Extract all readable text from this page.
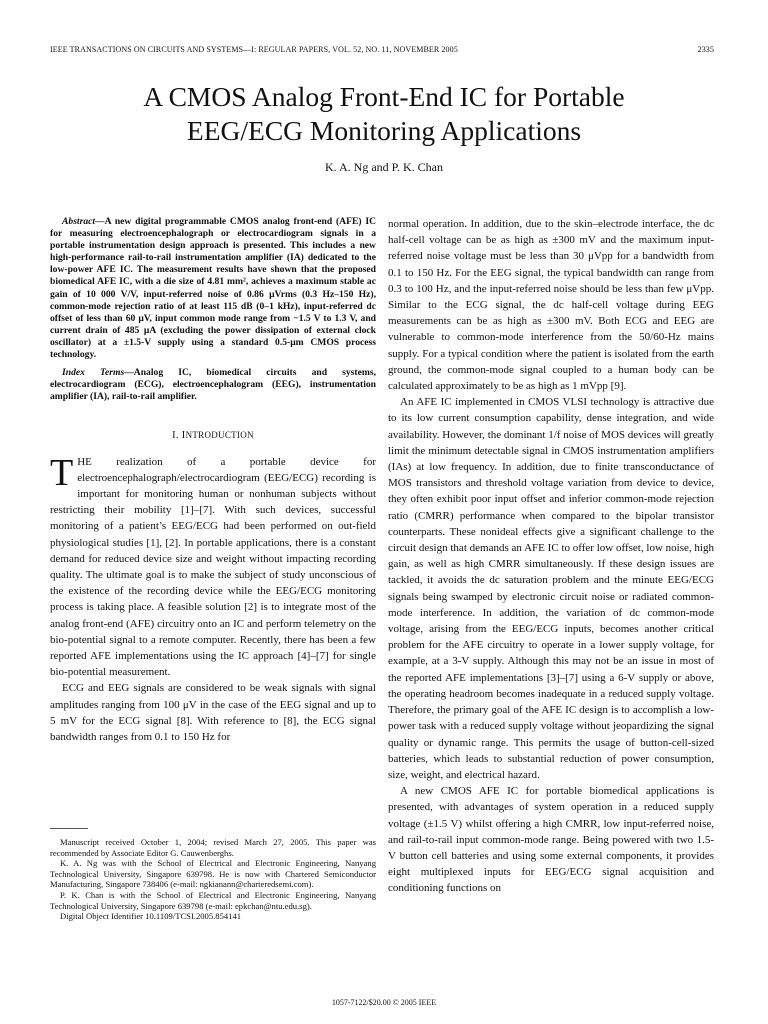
IEEE TRANSACTIONS ON CIRCUITS AND SYSTEMS—I: REGULAR PAPERS, VOL. 52, NO. 11, NOVEMBER 2005	2335
A CMOS Analog Front-End IC for Portable
EEG/ECG Monitoring Applications
K. A. Ng and P. K. Chan

Abstract—A new digital programmable CMOS analog front-end (AFE) IC for measuring electroencephalograph or electrocardiogram signals in a portable instrumentation design approach is presented. This includes a new high-performance rail-to-rail instrumentation amplifier (IA) dedicated to the low-power AFE IC. The measurement results have shown that the proposed biomedical AFE IC, with a die size of 4.81 mm², achieves a maximum stable ac gain of 10 000 V/V, input-referred noise of 0.86 μVrms (0.3 Hz–150 Hz), common-mode rejection ratio of at least 115 dB (0–1 kHz), input-referred dc offset of less than 60 μV, input common mode range from −1.5 V to 1.3 V, and current drain of 485 μA (excluding the power dissipation of external clock oscillator) at a ±1.5-V supply using a standard 0.5-μm CMOS process technology.

Index Terms—Analog IC, biomedical circuits and systems, electrocardiogram (ECG), electroencephalogram (EEG), instrumentation amplifier (IA), rail-to-rail amplifier.

I. INTRODUCTION

THE realization of a portable device for electroencephalograph/electrocardiogram (EEG/ECG) recording is important for monitoring human or nonhuman subjects without restricting their mobility [1]–[7]. With such devices, successful monitoring of a patient’s EEG/ECG had been performed on out-field physiological studies [1], [2]. In portable applications, there is a constant demand for reduced device size and weight without impacting recording quality. The ultimate goal is to make the subject of study unconscious of the existence of the recording device while the EEG/ECG monitoring process is taking place. A feasible solution [2] is to integrate most of the analog front-end (AFE) circuitry onto an IC and perform telemetry on the bio-potential signal to a remote computer. Recently, there has been a few reported AFE implementations using the IC approach [4]–[7] for single bio-potential measurement.

ECG and EEG signals are considered to be weak signals with signal amplitudes ranging from 100 μV in the case of the EEG signal and up to 5 mV for the ECG signal [8]. With reference to [8], the ECG signal bandwidth ranges from 0.1 to 150 Hz for

Manuscript received October 1, 2004; revised March 27, 2005. This paper was recommended by Associate Editor G. Cauwenberghs.

K. A. Ng was with the School of Electrical and Electronic Engineering, Nanyang Technological University, Singapore 639798. He is now with Chartered Semiconductor Manufacturing, Singapore 738406 (e-mail: ngkianann@charteredsemi.com).

P. K. Chan is with the School of Electrical and Electronic Engineering, Nanyang Technological University, Singapore 639798 (e-mail: epkchan@ntu.edu.sg).

Digital Object Identifier 10.1109/TCSI.2005.854141

normal operation. In addition, due to the skin–electrode interface, the dc half-cell voltage can be as high as ±300 mV and the maximum input-referred noise voltage must be less than 30 μVpp for a bandwidth from 0.1 to 150 Hz. For the EEG signal, the typical bandwidth can range from 0.3 to 100 Hz, and the input-referred noise should be less than few μVpp. Similar to the ECG signal, the dc half-cell voltage during EEG measurements can be as high as ±300 mV. Both ECG and EEG are vulnerable to common-mode interference from the 50/60-Hz mains supply. For a typical condition where the patient is isolated from the earth ground, the common-mode signal coupled to a human body can be calculated approximately to be as high as 1 mVpp [9].

An AFE IC implemented in CMOS VLSI technology is attractive due to its low current consumption capability, dense integration, and wide availability. However, the dominant 1/f noise of MOS devices will greatly limit the minimum detectable signal in CMOS instrumentation amplifiers (IAs) at low frequency. In addition, due to finite transconductance of MOS transistors and threshold voltage variation from device to device, they often exhibit poor input offset and inferior common-mode rejection ratio (CMRR) performance when compared to the bipolar transistor counterparts. These nonideal effects give a significant challenge to the circuit design that demands an AFE IC to offer low offset, low noise, high gain, as well as high CMRR simultaneously. If these design issues are tackled, it avoids the dc saturation problem and the minute EEG/ECG signals being swamped by electronic circuit noise or radiated common-mode interference. In addition, the variation of dc common-mode voltage, arising from the EEG/ECG inputs, becomes another critical problem for the AFE circuitry to operate in a lower supply voltage, for example, at a 3-V supply. Although this may not be an issue in most of the reported AFE implementations [3]–[7] using a 6-V supply or above, the operating headroom becomes inadequate in a reduced supply voltage. Therefore, the primary goal of the AFE IC design is to accomplish a low-power task with a reduced supply voltage without jeopardizing the signal quality or dynamic range. This permits the usage of button-cell-sized batteries, which leads to substantial reduction of power consumption, size, weight, and electrical hazard.

A new CMOS AFE IC for portable biomedical applications is presented, with advantages of system operation in a reduced supply voltage (±1.5 V) whilst offering a high CMRR, low input-referred noise, and rail-to-rail input common-mode range. Being powered with two 1.5-V button cell batteries and using some external components, it provides eight multiplexed inputs for EEG/ECG signal acquisition and conditioning functions on

1057-7122/$20.00 © 2005 IEEE
